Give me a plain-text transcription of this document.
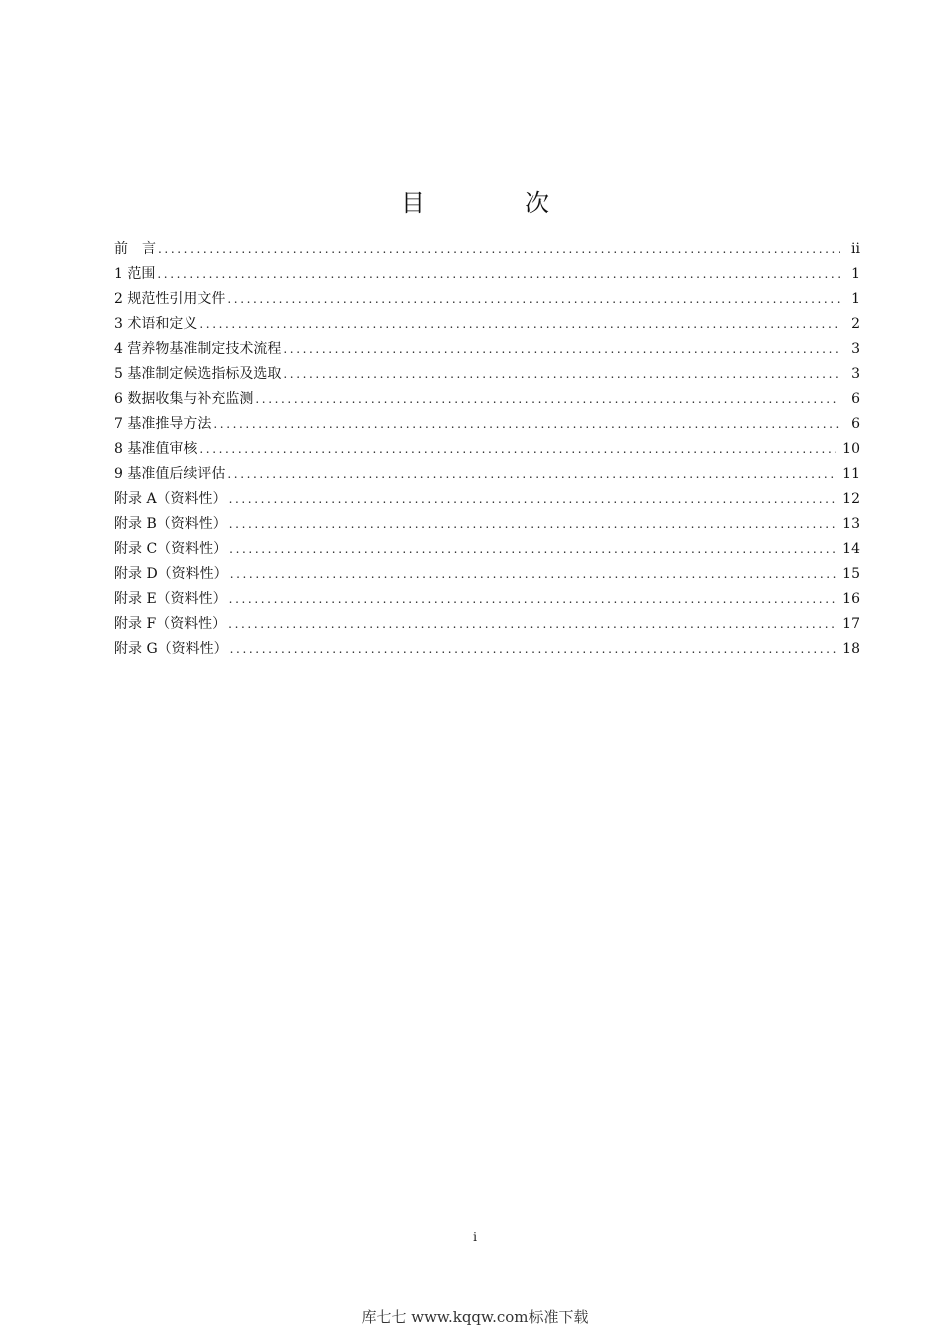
目　次
前　言 .....	ii
1 范围 .....	1
2 规范性引用文件 .....	1
3 术语和定义 .....	2
4 营养物基准制定技术流程 .....	3
5 基准制定候选指标及选取 .....	3
6 数据收集与补充监测 .....	6
7 基准推导方法 .....	6
8 基准值审核 .....	10
9 基准值后续评估 .....	11
附录 A（资料性） .....	12
附录 B（资料性） .....	13
附录 C（资料性） .....	14
附录 D（资料性） .....	15
附录 E（资料性） .....	16
附录 F（资料性） .....	17
附录 G（资料性） .....	18
i
库七七 www.kqqw.com标准下载
